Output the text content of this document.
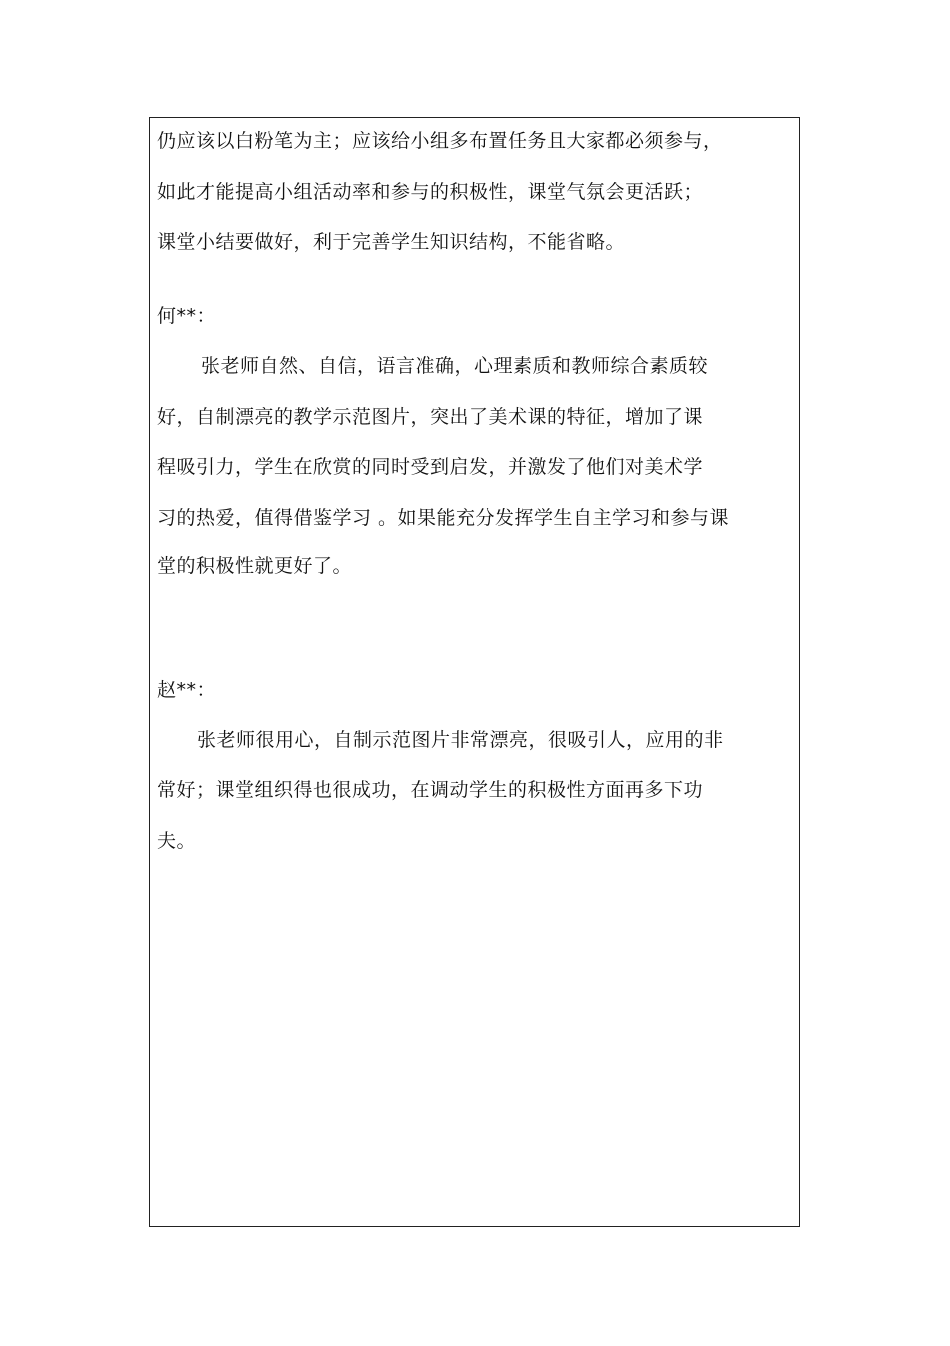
仍应该以白粉笔为主；应该给小组多布置任务且大家都必须参与，
如此才能提高小组活动率和参与的积极性，课堂气氛会更活跃；
课堂小结要做好，利于完善学生知识结构，不能省略。
何**：
张老师自然、自信，语言准确，心理素质和教师综合素质较
好，自制漂亮的教学示范图片，突出了美术课的特征，增加了课
程吸引力，学生在欣赏的同时受到启发，并激发了他们对美术学
习的热爱，值得借鉴学习 。如果能充分发挥学生自主学习和参与课
堂的积极性就更好了。
赵**：
张老师很用心，自制示范图片非常漂亮，很吸引人，应用的非
常好；课堂组织得也很成功，在调动学生的积极性方面再多下功
夫。
